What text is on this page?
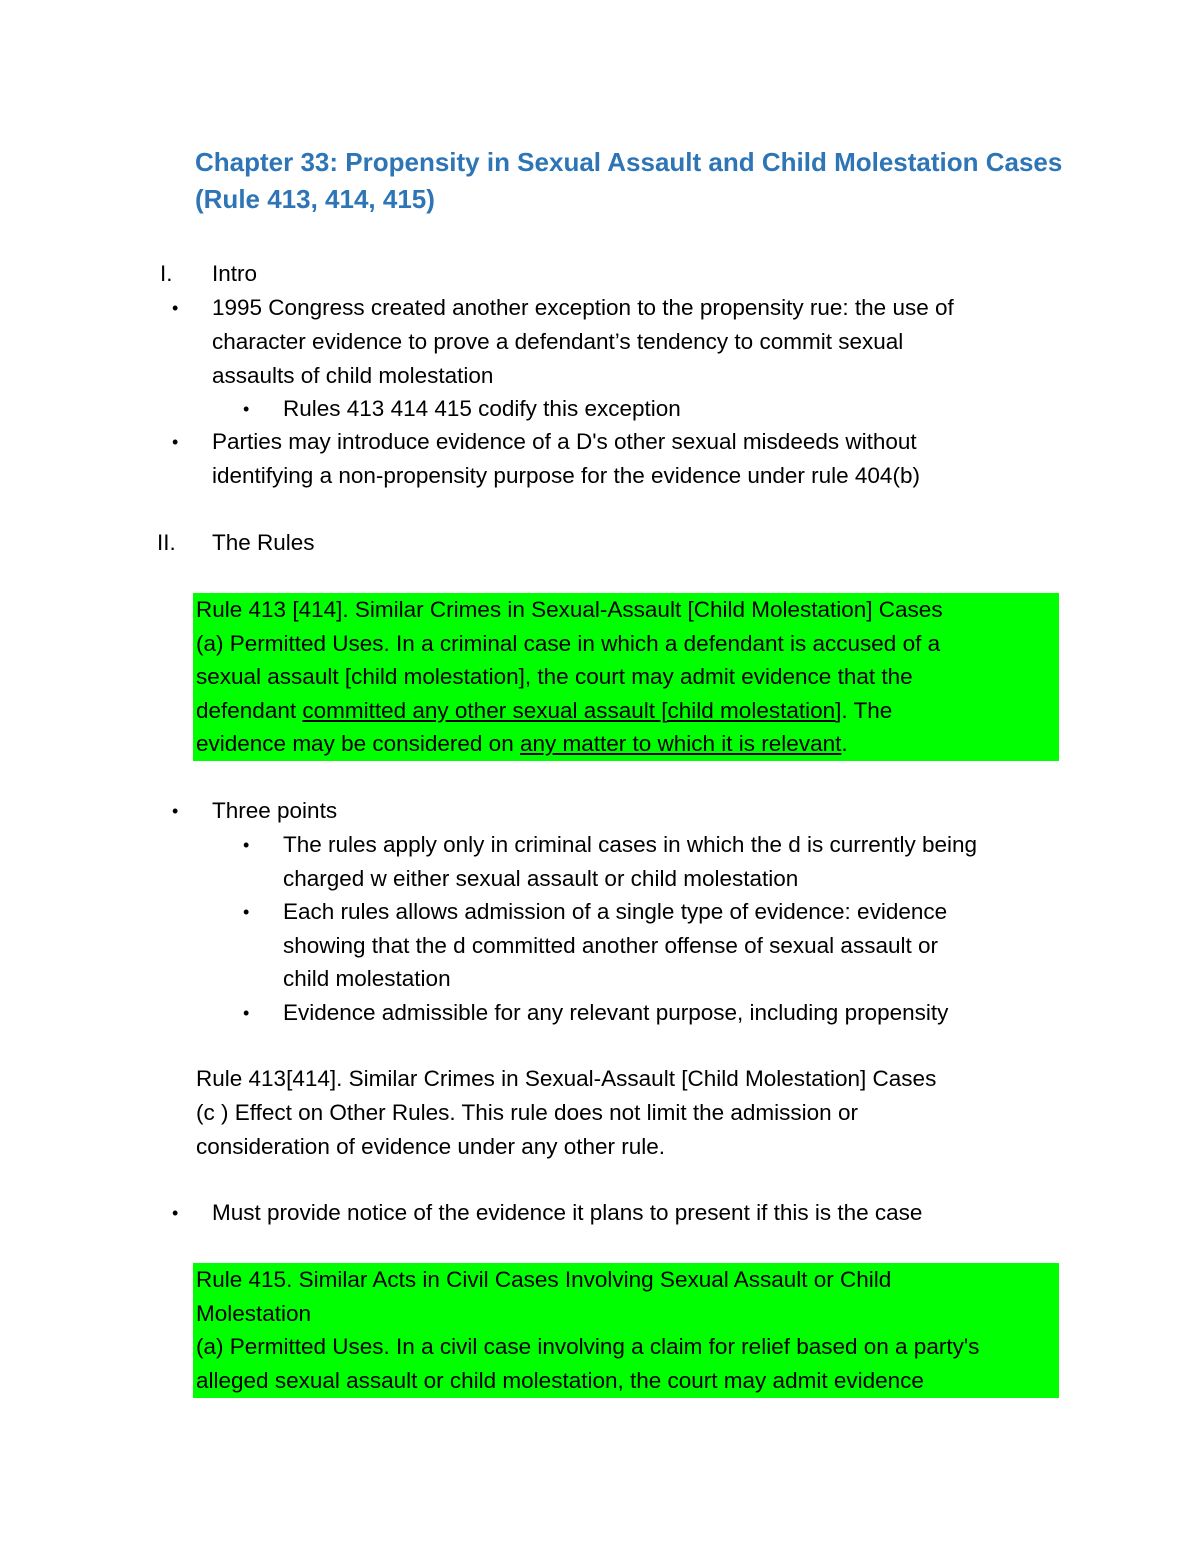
Chapter 33: Propensity in Sexual Assault and Child Molestation Cases (Rule 413, 414, 415)
I. Intro
• 1995 Congress created another exception to the propensity rue: the use of
character evidence to prove a defendant’s tendency to commit sexual
assaults of child molestation
• Rules 413 414 415 codify this exception
• Parties may introduce evidence of a D's other sexual misdeeds without
identifying a non-propensity purpose for the evidence under rule 404(b)
II. The Rules

Rule 413 [414]. Similar Crimes in Sexual-Assault [Child Molestation] Cases

(a) Permitted Uses. In a criminal case in which a defendant is accused of a

sexual assault [child molestation], the court may admit evidence that the

defendant committed any other sexual assault [child molestation]. The

evidence may be considered on any matter to which it is relevant.

• Three points
• The rules apply only in criminal cases in which the d is currently being
charged w either sexual assault or child molestation
• Each rules allows admission of a single type of evidence: evidence
showing that the d committed another offense of sexual assault or
child molestation
• Evidence admissible for any relevant purpose, including propensity
Rule 413[414]. Similar Crimes in Sexual-Assault [Child Molestation] Cases
(c ) Effect on Other Rules. This rule does not limit the admission or
consideration of evidence under any other rule.
• Must provide notice of the evidence it plans to present if this is the case

Rule 415. Similar Acts in Civil Cases Involving Sexual Assault or Child

Molestation

(a) Permitted Uses. In a civil case involving a claim for relief based on a party's

alleged sexual assault or child molestation, the court may admit evidence
